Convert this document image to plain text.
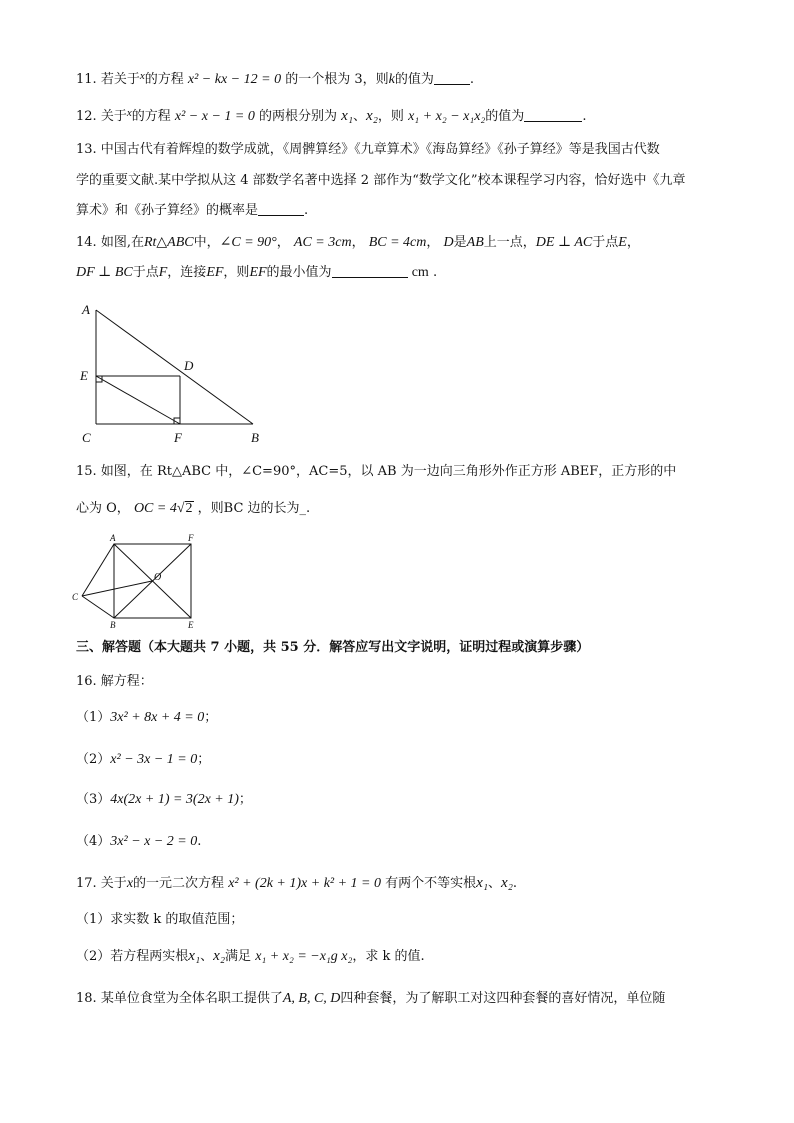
11. 若关于$^x$的方程 x² − kx − 12 = 0 的一个根为 3，则k的值为	.
12. 关于$^x$的方程 x² − x − 1 = 0 的两根分别为 x₁、x₂，则 x₁ + x₂ − x₁x₂的值为	.
13. 中国古代有着辉煌的数学成就，《周髀算经》《九章算术》《海岛算经》《孙子算经》等是我国古代数
学的重要文献.某中学拟从这 4 部数学名著中选择 2 部作为“数学文化”校本课程学习内容，恰好选中《九章
算术》和《孙子算经》的概率是	.
14. 如图,在Rt△ABC中，∠C = 90°， AC = 3cm， BC = 4cm， D是AB上一点，DE ⊥ AC于点E，
DF ⊥ BC于点F，连接EF，则EF的最小值为	cm .
A
E
D
C	F	B
15. 如图，在 Rt△ABC 中，∠C=90°，AC=5，以 AB 为一边向三角形外作正方形 ABEF，正方形的中
心为 O， OC = 4√2 ，则BC 边的长为_.
A	F
O
C
B	E
三、解答题（本大题共 7 小题，共 55 分．解答应写出文字说明，证明过程或演算步骤）
16. 解方程：
（1）3x² + 8x + 4 = 0；
（2）x² − 3x − 1 = 0；
（3）4x(2x + 1) = 3(2x + 1)；
（4）3x² − x − 2 = 0.
17. 关于x的一元二次方程 x² + (2k + 1)x + k² + 1 = 0 有两个不等实根x₁、x₂.
（1）求实数 k 的取值范围；
（2）若方程两实根x₁、x₂满足 x₁ + x₂ = −x₁g x₂，求 k 的值.
18. 某单位食堂为全体名职工提供了A, B, C, D四种套餐，为了解职工对这四种套餐的喜好情况，单位随
